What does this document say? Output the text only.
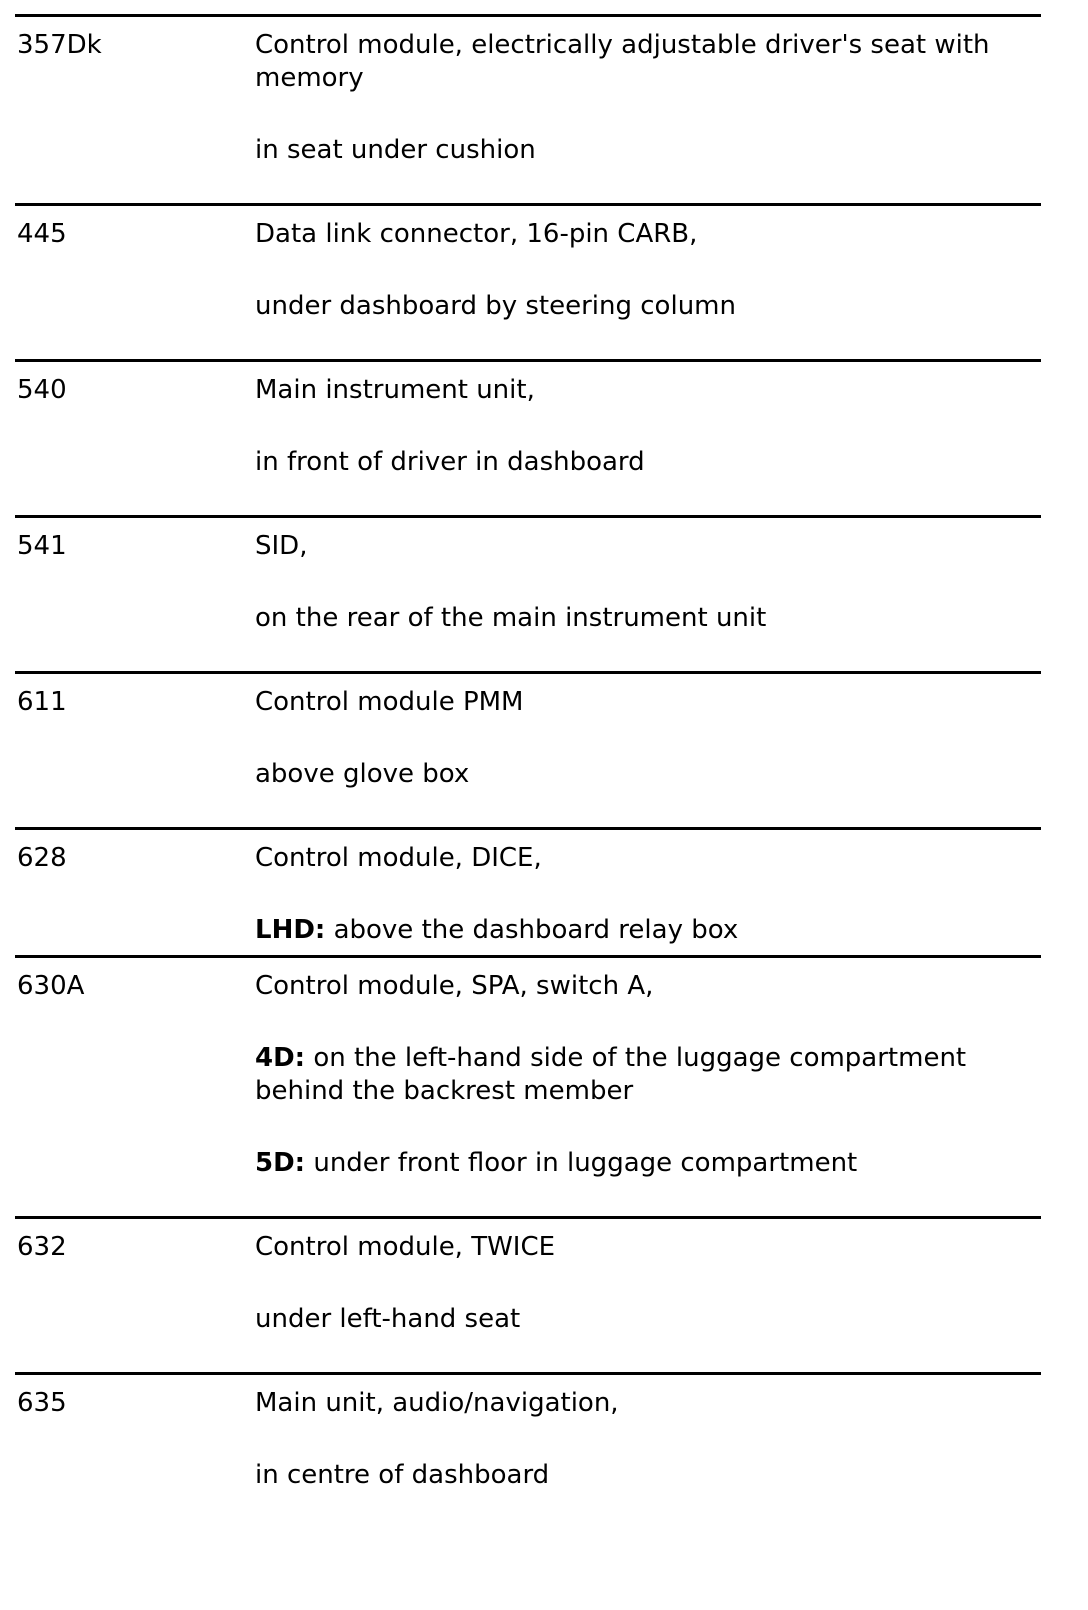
357Dk	Control module, electrically adjustable driver's seat with memory

in seat under cushion

445	Data link connector, 16-pin CARB,

under dashboard by steering column

540	Main instrument unit,

in front of driver in dashboard

541	SID,

on the rear of the main instrument unit

611	Control module PMM

above glove box

628	Control module, DICE,

LHD: above the dashboard relay box

630A	Control module, SPA, switch A,

4D: on the left-hand side of the luggage compartment behind the backrest member

5D: under front floor in luggage compartment

632	Control module, TWICE

under left-hand seat

635	Main unit, audio/navigation,

in centre of dashboard
